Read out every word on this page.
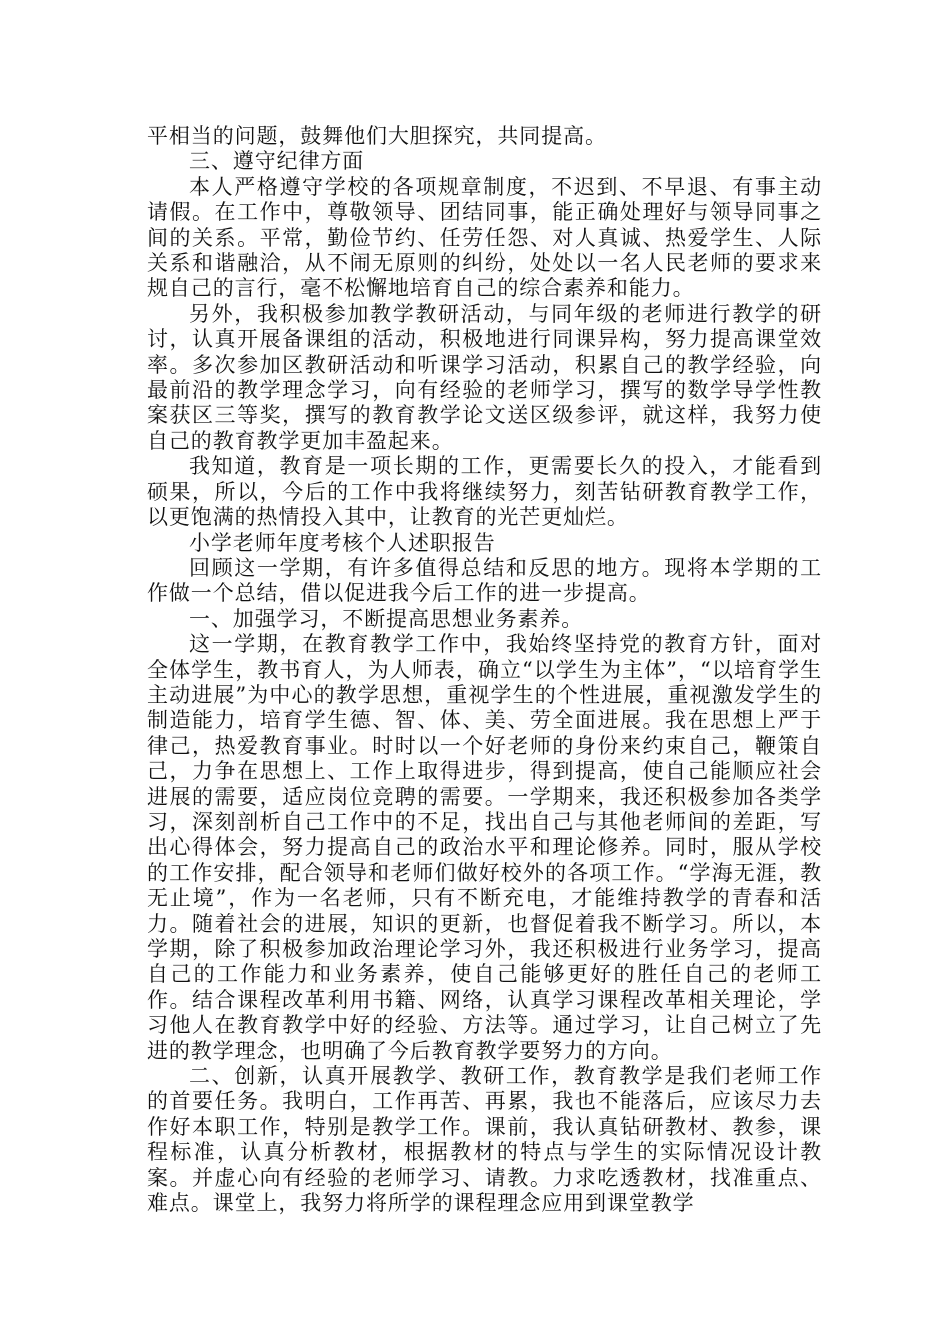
平相当的问题，鼓舞他们大胆探究，共同提高。

三、遵守纪律方面

本人严格遵守学校的各项规章制度，不迟到、不早退、有事主动请假。在工作中，尊敬领导、团结同事，能正确处理好与领导同事之间的关系。平常，勤俭节约、任劳任怨、对人真诚、热爱学生、人际关系和谐融洽，从不闹无原则的纠纷，处处以一名人民老师的要求来规自己的言行，毫不松懈地培育自己的综合素养和能力。

另外，我积极参加教学教研活动，与同年级的老师进行教学的研讨，认真开展备课组的活动，积极地进行同课异构，努力提高课堂效率。多次参加区教研活动和听课学习活动，积累自己的教学经验，向最前沿的教学理念学习，向有经验的老师学习，撰写的数学导学性教案获区三等奖，撰写的教育教学论文送区级参评，就这样，我努力使自己的教育教学更加丰盈起来。

我知道，教育是一项长期的工作，更需要长久的投入，才能看到硕果，所以，今后的工作中我将继续努力，刻苦钻研教育教学工作，以更饱满的热情投入其中，让教育的光芒更灿烂。

小学老师年度考核个人述职报告

回顾这一学期，有许多值得总结和反思的地方。现将本学期的工作做一个总结，借以促进我今后工作的进一步提高。

一、加强学习，不断提高思想业务素养。

这一学期，在教育教学工作中，我始终坚持党的教育方针，面对全体学生，教书育人，为人师表，确立“以学生为主体”，“以培育学生主动进展”为中心的教学思想，重视学生的个性进展，重视激发学生的制造能力，培育学生德、智、体、美、劳全面进展。我在思想上严于律己，热爱教育事业。时时以一个好老师的身份来约束自己，鞭策自己，力争在思想上、工作上取得进步，得到提高，使自己能顺应社会进展的需要，适应岗位竞聘的需要。一学期来，我还积极参加各类学习，深刻剖析自己工作中的不足，找出自己与其他老师间的差距，写出心得体会，努力提高自己的政治水平和理论修养。同时，服从学校的工作安排，配合领导和老师们做好校外的各项工作。“学海无涯，教无止境”，作为一名老师，只有不断充电，才能维持教学的青春和活力。随着社会的进展，知识的更新，也督促着我不断学习。所以，本学期，除了积极参加政治理论学习外，我还积极进行业务学习，提高自己的工作能力和业务素养，使自己能够更好的胜任自己的老师工作。结合课程改革利用书籍、网络，认真学习课程改革相关理论，学习他人在教育教学中好的经验、方法等。通过学习，让自己树立了先进的教学理念，也明确了今后教育教学要努力的方向。

二、创新，认真开展教学、教研工作，教育教学是我们老师工作的首要任务。我明白，工作再苦、再累，我也不能落后，应该尽力去作好本职工作，特别是教学工作。课前，我认真钻研教材、教参，课程标准，认真分析教材，根据教材的特点与学生的实际情况设计教案。并虚心向有经验的老师学习、请教。力求吃透教材，找准重点、难点。课堂上，我努力将所学的课程理念应用到课堂教学
